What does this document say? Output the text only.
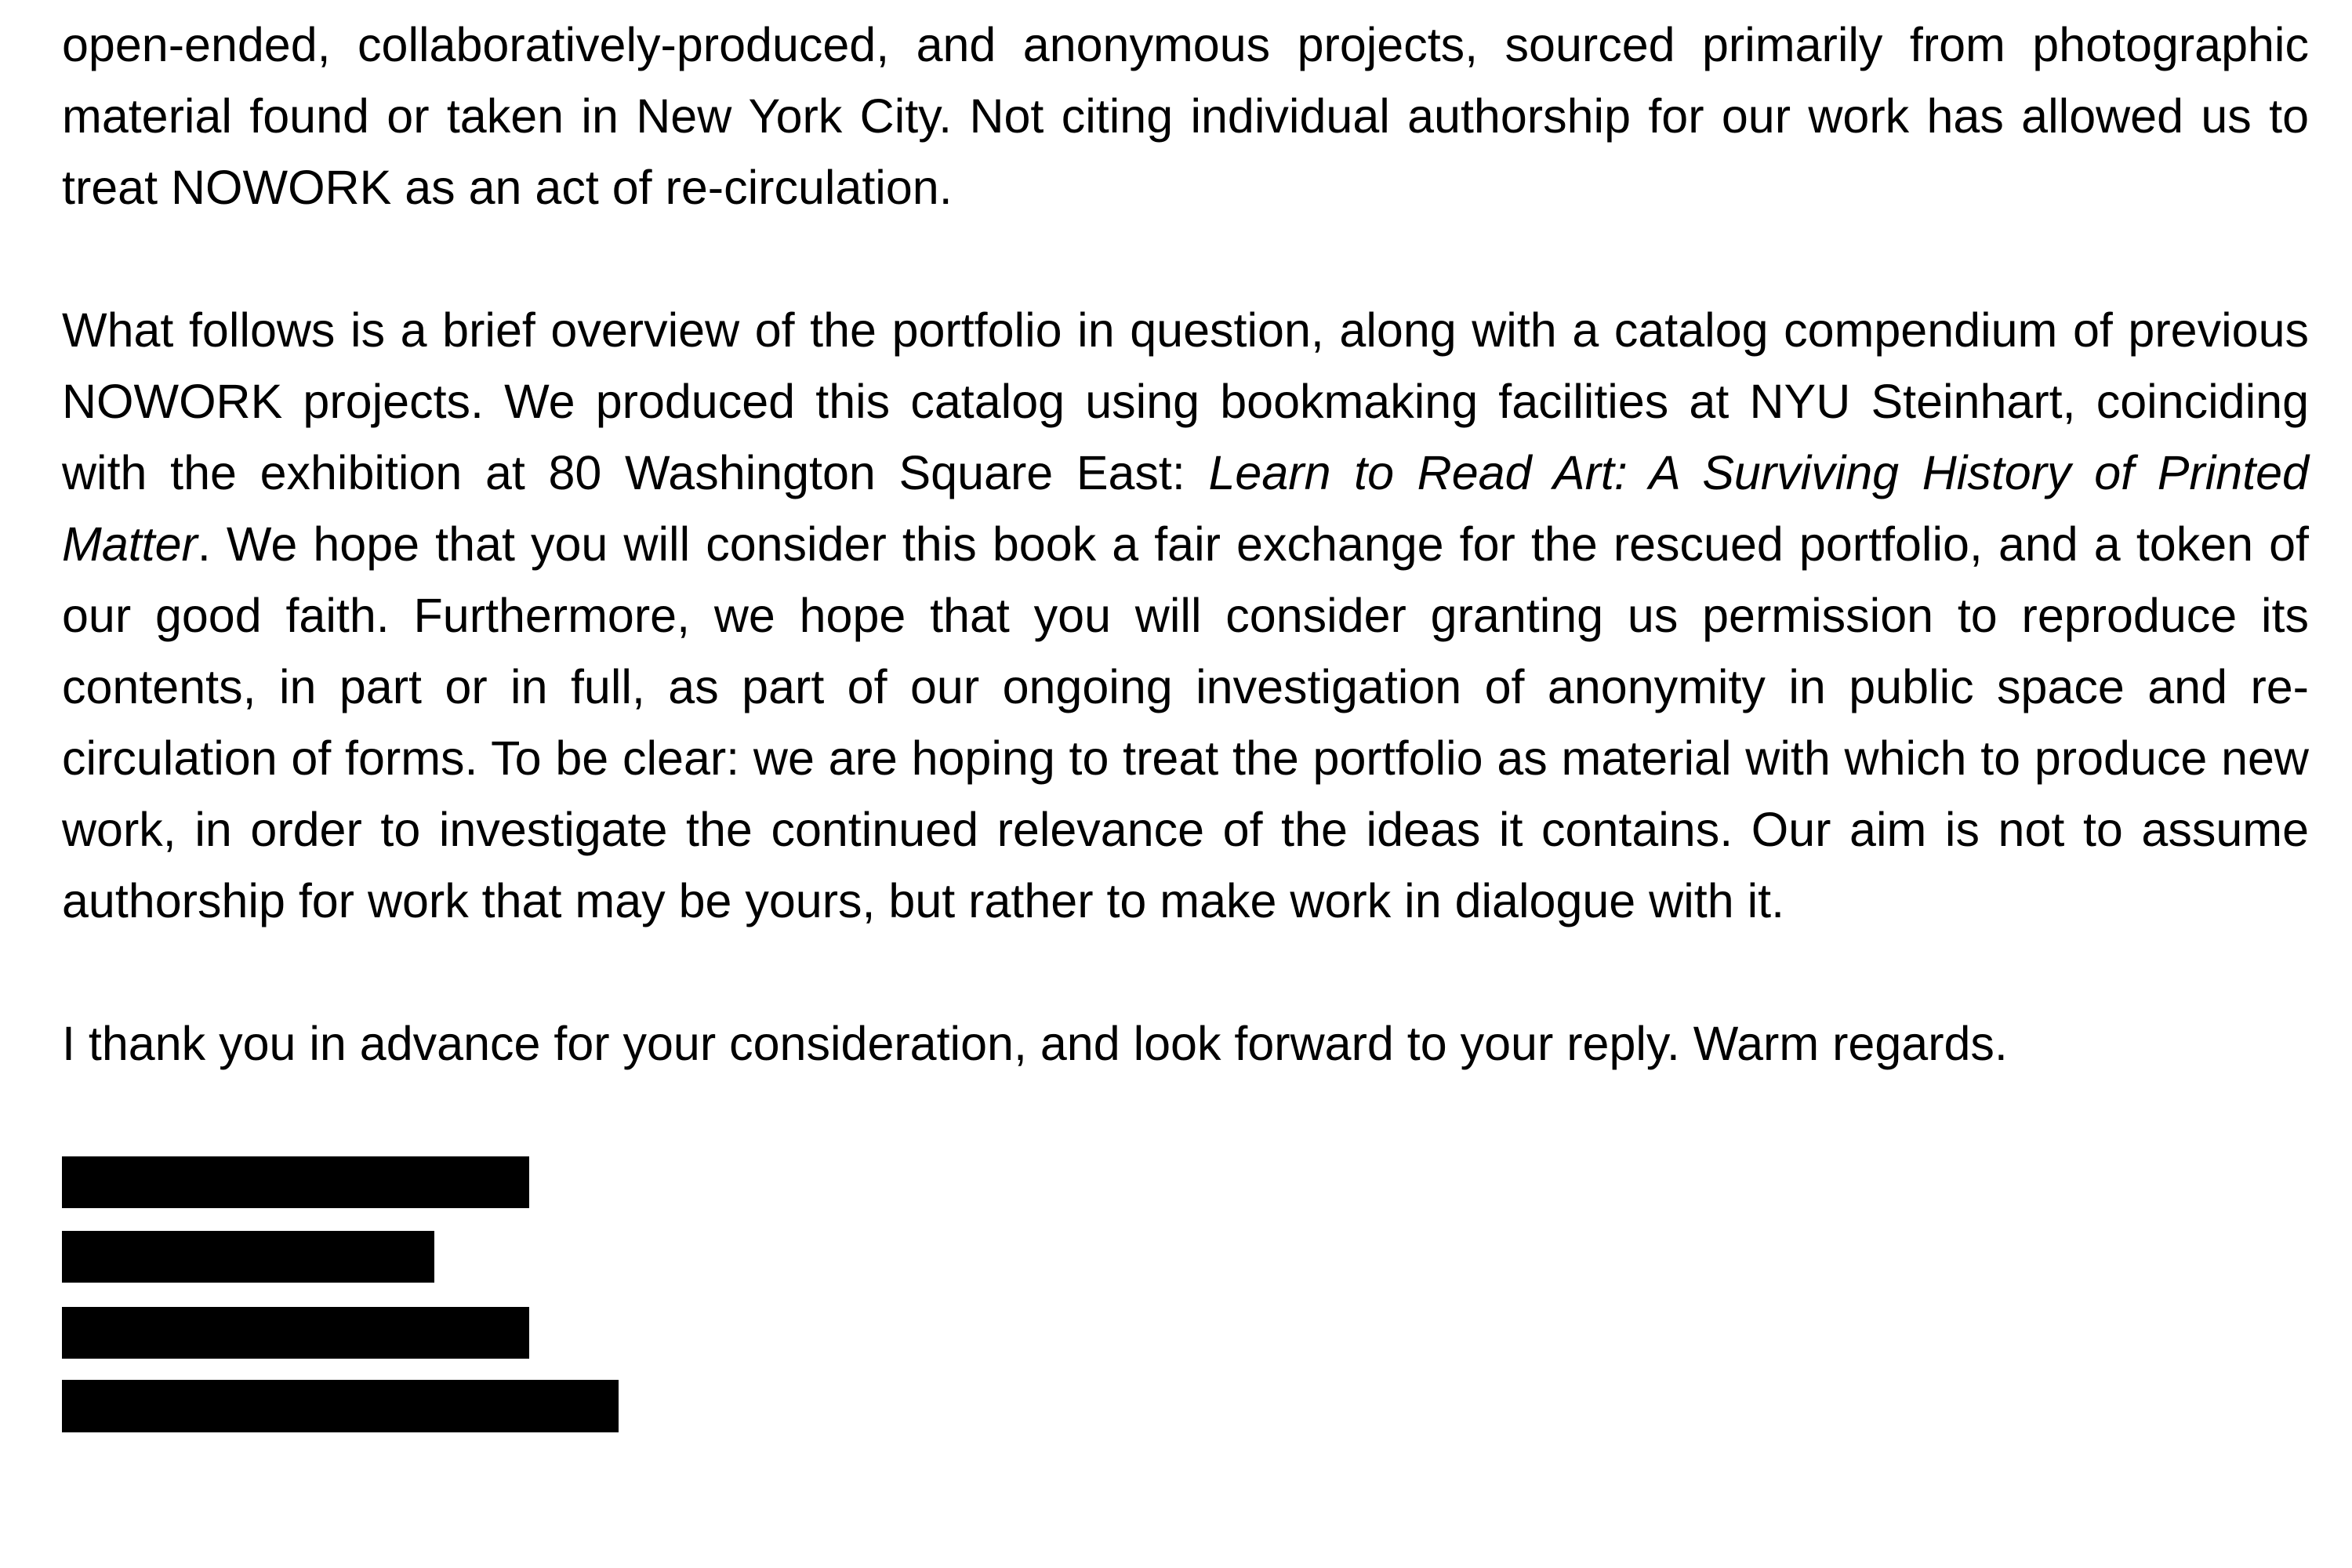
open-ended, collaboratively-produced, and anonymous projects, sourced primarily from photographic material found or taken in New York City. Not citing individual authorship for our work has allowed us to treat NOWORK as an act of re-circulation.

What follows is a brief overview of the portfolio in question, along with a catalog compendium of previous NOWORK projects. We produced this catalog using bookmaking facilities at NYU Steinhart, coinciding with the exhibition at 80 Washington Square East: Learn to Read Art: A Surviving History of Printed Matter. We hope that you will consider this book a fair exchange for the rescued portfolio, and a token of our good faith. Furthermore, we hope that you will consider granting us permission to reproduce its contents, in part or in full, as part of our ongoing investigation of anonymity in public space and re-circulation of forms. To be clear: we are hoping to treat the portfolio as material with which to produce new work, in order to investigate the continued relevance of the ideas it contains. Our aim is not to assume authorship for work that may be yours, but rather to make work in dialogue with it.

I thank you in advance for your consideration, and look forward to your reply. Warm regards.
